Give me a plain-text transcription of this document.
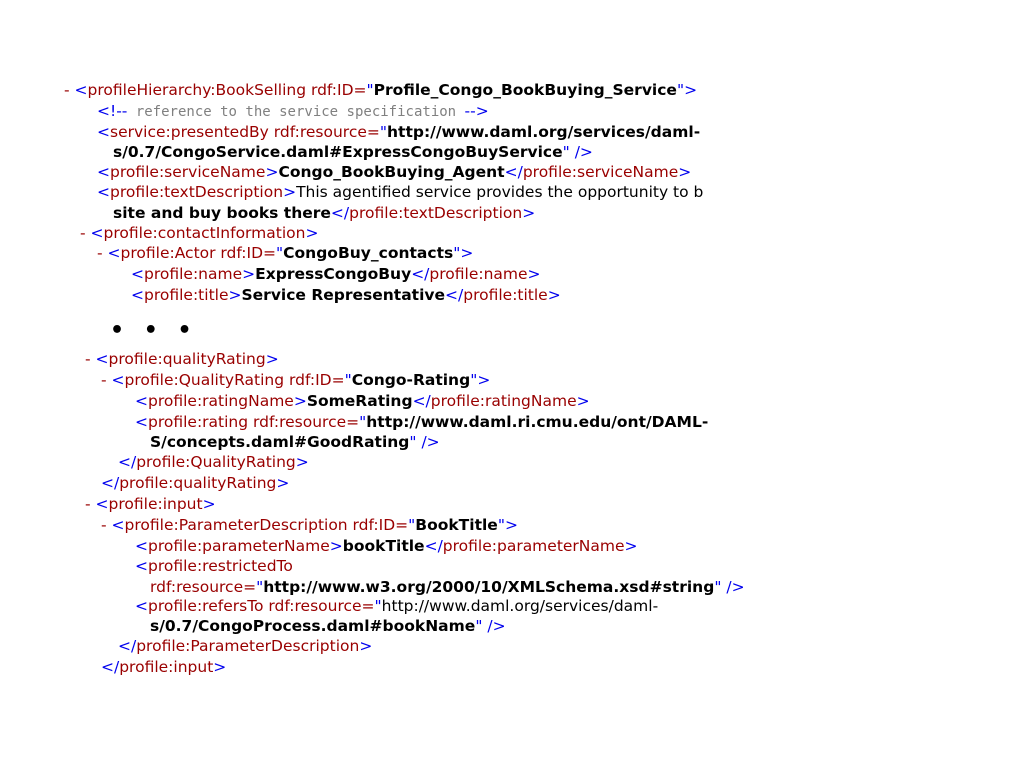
- <profileHierarchy:BookSelling rdf:ID="Profile_Congo_BookBuying_Service">
<!-- reference to the service specification -->
<service:presentedBy rdf:resource="http://www.daml.org/services/daml-
s/0.7/CongoService.daml#ExpressCongoBuyService" />
<profile:serviceName>Congo_BookBuying_Agent</profile:serviceName>
<profile:textDescription>This agentified service provides the opportunity to b
site and buy books there</profile:textDescription>
- <profile:contactInformation>
- <profile:Actor rdf:ID="CongoBuy_contacts">
<profile:name>ExpressCongoBuy</profile:name>
<profile:title>Service Representative</profile:title>
• • •
- <profile:qualityRating>
- <profile:QualityRating rdf:ID="Congo-Rating">
<profile:ratingName>SomeRating</profile:ratingName>
<profile:rating rdf:resource="http://www.daml.ri.cmu.edu/ont/DAML-
S/concepts.daml#GoodRating" />
</profile:QualityRating>
</profile:qualityRating>
- <profile:input>
- <profile:ParameterDescription rdf:ID="BookTitle">
<profile:parameterName>bookTitle</profile:parameterName>
<profile:restrictedTo
rdf:resource="http://www.w3.org/2000/10/XMLSchema.xsd#string" />
<profile:refersTo rdf:resource="http://www.daml.org/services/daml-
s/0.7/CongoProcess.daml#bookName" />
</profile:ParameterDescription>
</profile:input>
